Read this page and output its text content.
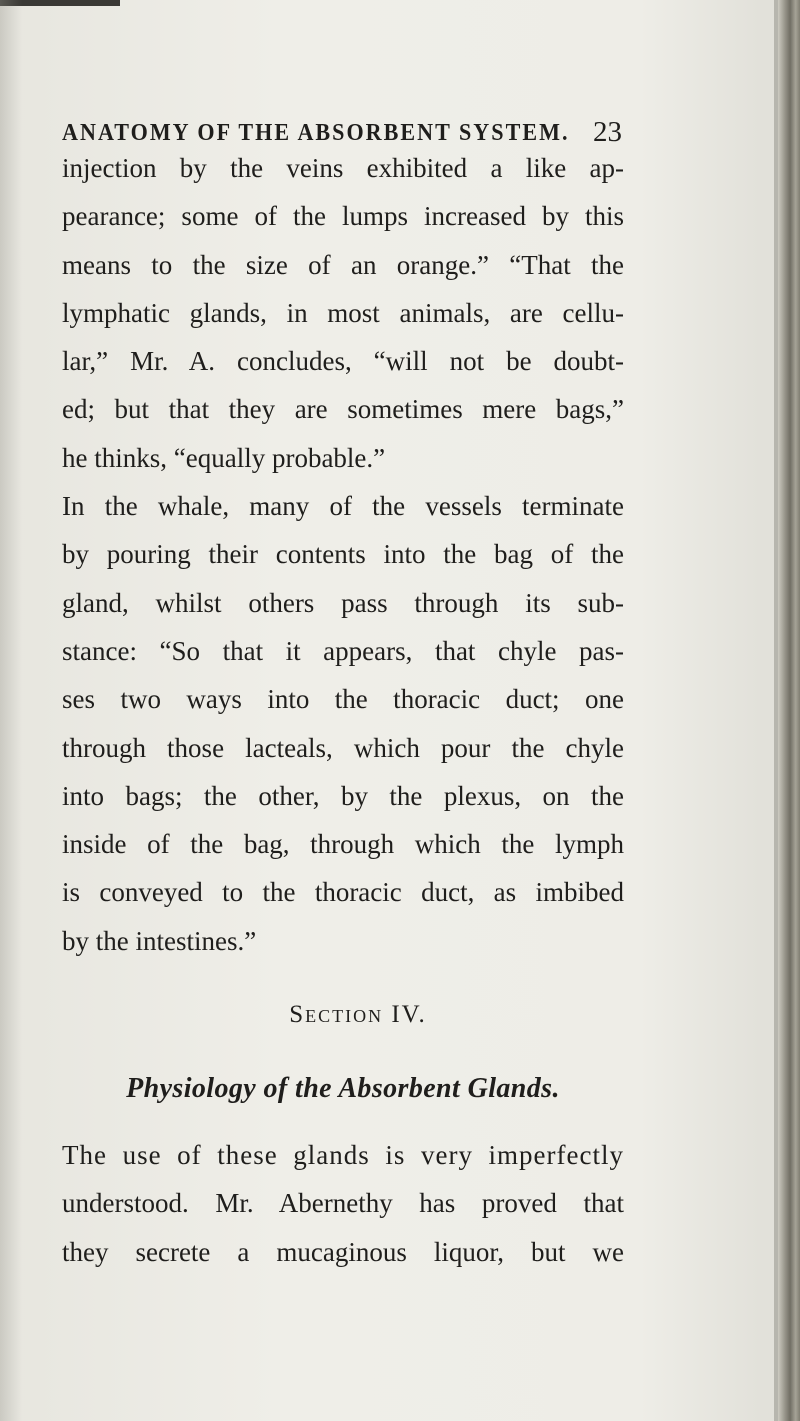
ANATOMY OF THE ABSORBENT SYSTEM. 23
injection by the veins exhibited a like ap-
pearance; some of the lumps increased by this
means to the size of an orange.” “That the
lymphatic glands, in most animals, are cellu-
lar,” Mr. A. concludes, “will not be doubt-
ed; but that they are sometimes mere bags,”
he thinks, “equally probable.”
In the whale, many of the vessels terminate
by pouring their contents into the bag of the
gland, whilst others pass through its sub-
stance: “So that it appears, that chyle pas-
ses two ways into the thoracic duct; one
through those lacteals, which pour the chyle
into bags; the other, by the plexus, on the
inside of the bag, through which the lymph
is conveyed to the thoracic duct, as imbibed
by the intestines.”
Section IV.
Physiology of the Absorbent Glands.
The use of these glands is very imperfectly
understood. Mr. Abernethy has proved that
they secrete a mucaginous liquor, but we
